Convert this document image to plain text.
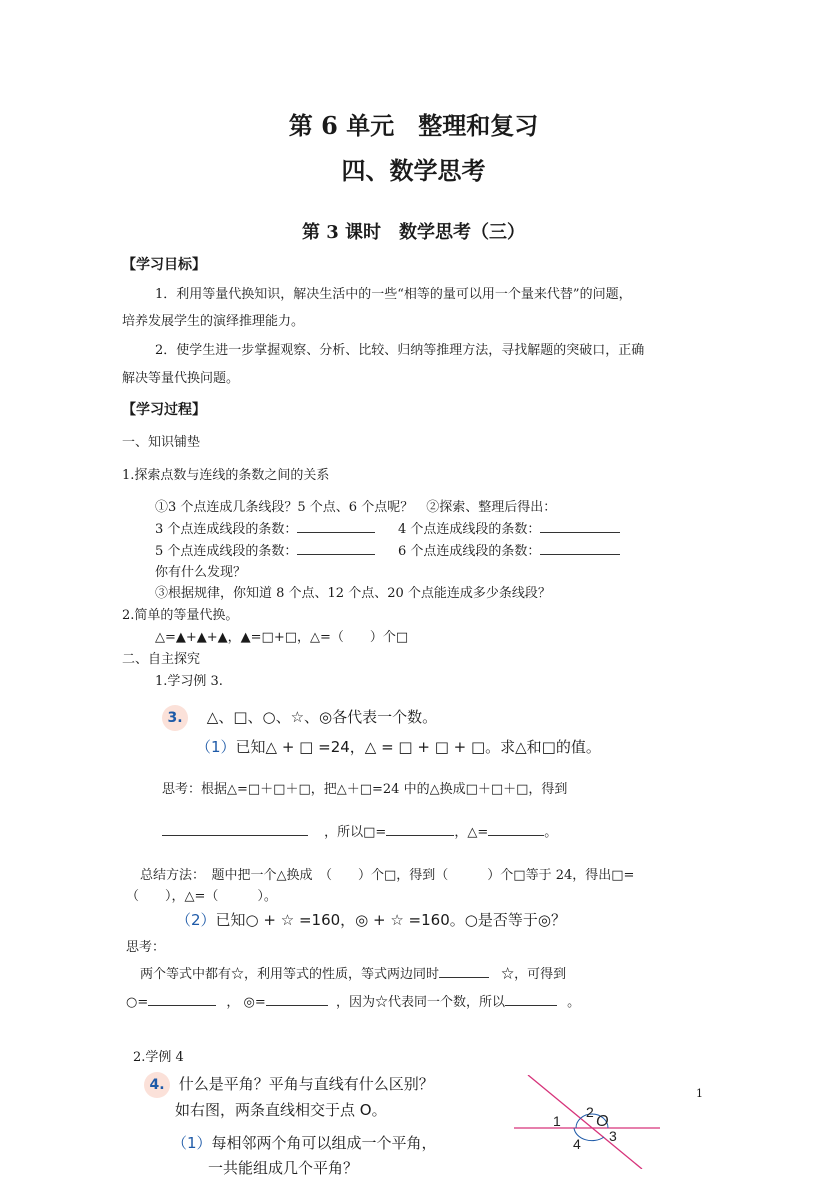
第 6 单元　整理和复习
四、数学思考
第 3 课时　数学思考（三）
【学习目标】
1．利用等量代换知识，解决生活中的一些“相等的量可以用一个量来代替”的问题，
培养发展学生的演绎推理能力。
2．使学生进一步掌握观察、分析、比较、归纳等推理方法，寻找解题的突破口，正确
解决等量代换问题。
【学习过程】
一、知识铺垫
1.探索点数与连线的条数之间的关系
①3 个点连成几条线段？5 个点、6 个点呢？　②探索、整理后得出：
3 个点连成线段的条数：	4 个点连成线段的条数：
5 个点连成线段的条数：	6 个点连成线段的条数：
你有什么发现？
③根据规律，你知道 8 个点、12 个点、20 个点能连成多少条线段？
2.简单的等量代换。
△=▲+▲+▲，▲=□+□，△=（　　）个□
二、自主探究
1.学习例 3.
3. △、□、○、☆、◎各代表一个数。
（1）已知△ + □ =24，△ = □ + □ + □。求△和□的值。
思考：根据△=□＋□＋□，把△＋□=24 中的△换成□＋□＋□，得到
，所以□=	，△=	。
总结方法：　题中把一个△换成　（　　）个□，得到（　　　）个□等于 24，得出□=
（　　），△=（　　　）。
（2）已知○ + ☆ =160，◎ + ☆ =160。○是否等于◎？
思考：
两个等式中都有☆，利用等式的性质，等式两边同时	☆，可得到
○=	， ◎=	，因为☆代表同一个数，所以	。
2.学例 4
4. 什么是平角？平角与直线有什么区别？
如右图，两条直线相交于点 O。
（1）每相邻两个角可以组成一个平角，
一共能组成几个平角？
1
2
O
3
4
1
